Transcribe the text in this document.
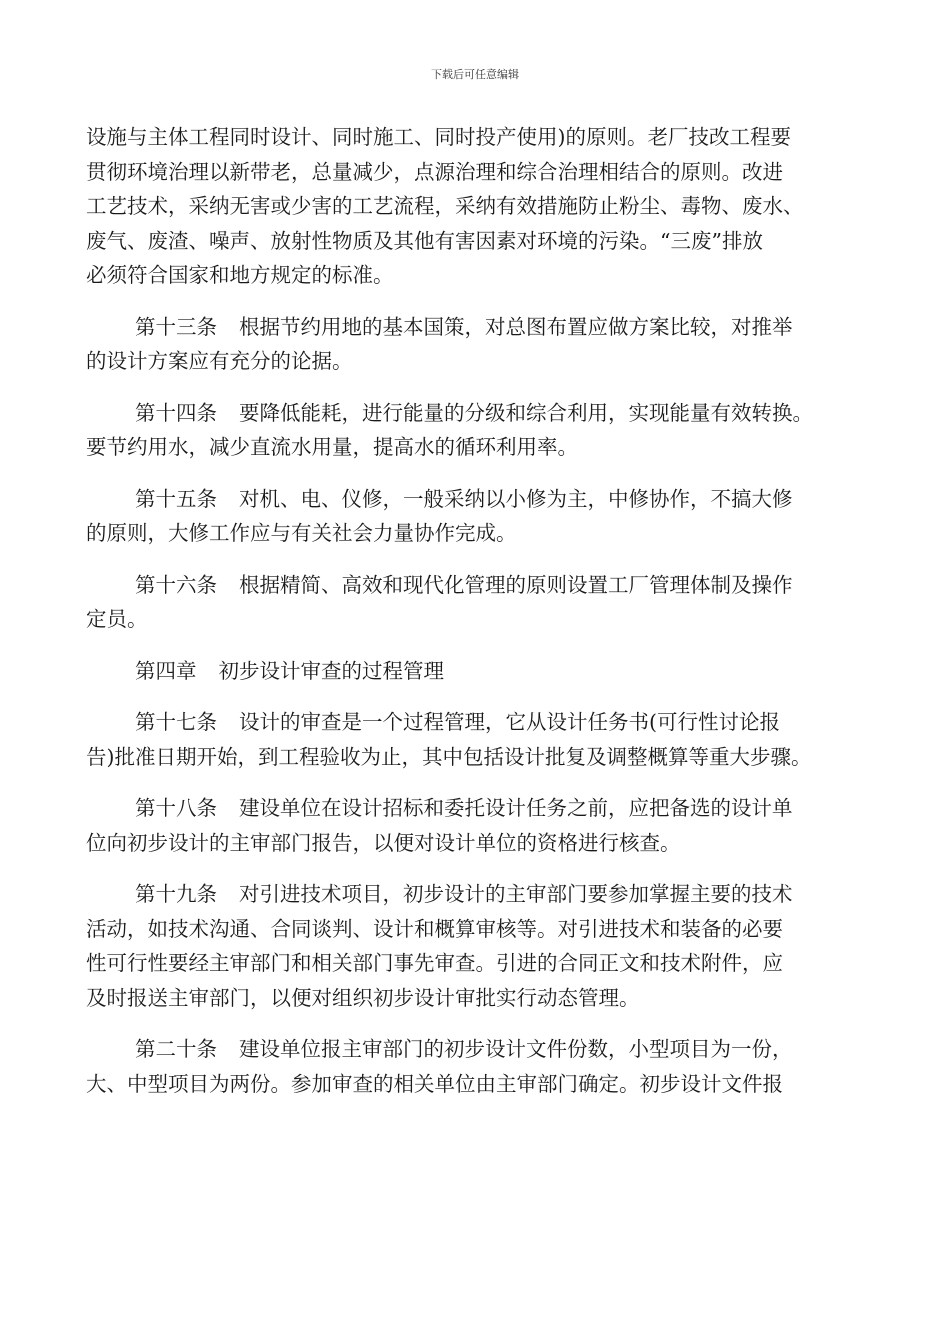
下载后可任意编辑
设施与主体工程同时设计、同时施工、同时投产使用)的原则。老厂技改工程要
贯彻环境治理以新带老，总量减少，点源治理和综合治理相结合的原则。改进
工艺技术，采纳无害或少害的工艺流程，采纳有效措施防止粉尘、毒物、废水、
废气、废渣、噪声、放射性物质及其他有害因素对环境的污染。“三废”排放
必须符合国家和地方规定的标准。
第十三条 根据节约用地的基本国策，对总图布置应做方案比较，对推举
的设计方案应有充分的论据。
第十四条 要降低能耗，进行能量的分级和综合利用，实现能量有效转换。
要节约用水，减少直流水用量，提高水的循环利用率。
第十五条 对机、电、仪修，一般采纳以小修为主，中修协作，不搞大修
的原则，大修工作应与有关社会力量协作完成。
第十六条 根据精简、高效和现代化管理的原则设置工厂管理体制及操作
定员。
第四章 初步设计审查的过程管理
第十七条 设计的审查是一个过程管理，它从设计任务书(可行性讨论报
告)批准日期开始，到工程验收为止，其中包括设计批复及调整概算等重大步骤。
第十八条 建设单位在设计招标和委托设计任务之前，应把备选的设计单
位向初步设计的主审部门报告，以便对设计单位的资格进行核查。
第十九条 对引进技术项目，初步设计的主审部门要参加掌握主要的技术
活动，如技术沟通、合同谈判、设计和概算审核等。对引进技术和装备的必要
性可行性要经主审部门和相关部门事先审查。引进的合同正文和技术附件，应
及时报送主审部门，以便对组织初步设计审批实行动态管理。
第二十条 建设单位报主审部门的初步设计文件份数，小型项目为一份，
大、中型项目为两份。参加审查的相关单位由主审部门确定。初步设计文件报
